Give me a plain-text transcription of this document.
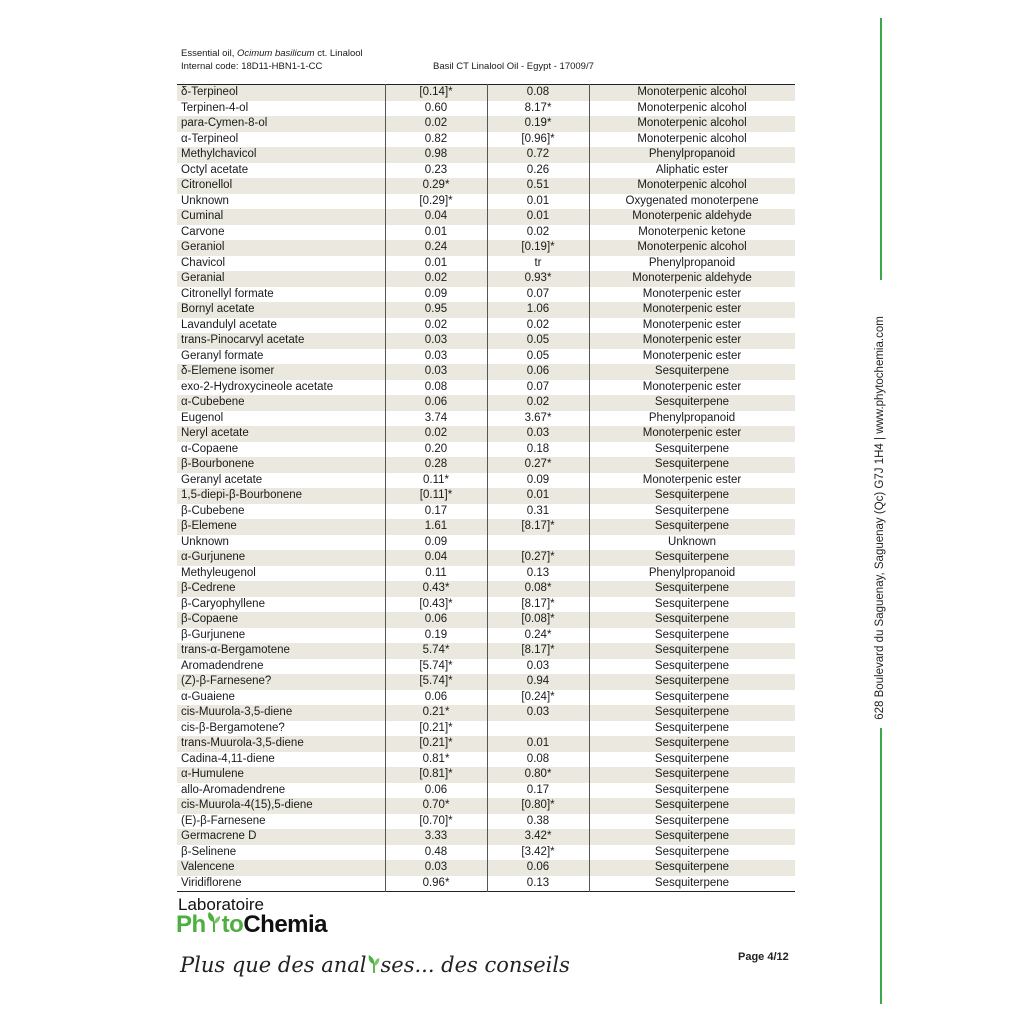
Essential oil, Ocimum basilicum ct. Linalool
Internal code: 18D11-HBN1-1-CC	Basil CT Linalool Oil - Egypt - 17009/7
δ-Terpineol	[0.14]*	0.08	Monoterpenic alcohol
Terpinen-4-ol	0.60	8.17*	Monoterpenic alcohol
para-Cymen-8-ol	0.02	0.19*	Monoterpenic alcohol
α-Terpineol	0.82	[0.96]*	Monoterpenic alcohol
Methylchavicol	0.98	0.72	Phenylpropanoid
Octyl acetate	0.23	0.26	Aliphatic ester
Citronellol	0.29*	0.51	Monoterpenic alcohol
Unknown	[0.29]*	0.01	Oxygenated monoterpene
Cuminal	0.04	0.01	Monoterpenic aldehyde
Carvone	0.01	0.02	Monoterpenic ketone
Geraniol	0.24	[0.19]*	Monoterpenic alcohol
Chavicol	0.01	tr	Phenylpropanoid
Geranial	0.02	0.93*	Monoterpenic aldehyde
Citronellyl formate	0.09	0.07	Monoterpenic ester
Bornyl acetate	0.95	1.06	Monoterpenic ester
Lavandulyl acetate	0.02	0.02	Monoterpenic ester
trans-Pinocarvyl acetate	0.03	0.05	Monoterpenic ester
Geranyl formate	0.03	0.05	Monoterpenic ester
δ-Elemene isomer	0.03	0.06	Sesquiterpene
exo-2-Hydroxycineole acetate	0.08	0.07	Monoterpenic ester
α-Cubebene	0.06	0.02	Sesquiterpene
Eugenol	3.74	3.67*	Phenylpropanoid
Neryl acetate	0.02	0.03	Monoterpenic ester
α-Copaene	0.20	0.18	Sesquiterpene
β-Bourbonene	0.28	0.27*	Sesquiterpene
Geranyl acetate	0.11*	0.09	Monoterpenic ester
1,5-diepi-β-Bourbonene	[0.11]*	0.01	Sesquiterpene
β-Cubebene	0.17	0.31	Sesquiterpene
β-Elemene	1.61	[8.17]*	Sesquiterpene
Unknown	0.09		Unknown
α-Gurjunene	0.04	[0.27]*	Sesquiterpene
Methyleugenol	0.11	0.13	Phenylpropanoid
β-Cedrene	0.43*	0.08*	Sesquiterpene
β-Caryophyllene	[0.43]*	[8.17]*	Sesquiterpene
β-Copaene	0.06	[0.08]*	Sesquiterpene
β-Gurjunene	0.19	0.24*	Sesquiterpene
trans-α-Bergamotene	5.74*	[8.17]*	Sesquiterpene
Aromadendrene	[5.74]*	0.03	Sesquiterpene
(Z)-β-Farnesene?	[5.74]*	0.94	Sesquiterpene
α-Guaiene	0.06	[0.24]*	Sesquiterpene
cis-Muurola-3,5-diene	0.21*	0.03	Sesquiterpene
cis-β-Bergamotene?	[0.21]*		Sesquiterpene
trans-Muurola-3,5-diene	[0.21]*	0.01	Sesquiterpene
Cadina-4,11-diene	0.81*	0.08	Sesquiterpene
α-Humulene	[0.81]*	0.80*	Sesquiterpene
allo-Aromadendrene	0.06	0.17	Sesquiterpene
cis-Muurola-4(15),5-diene	0.70*	[0.80]*	Sesquiterpene
(E)-β-Farnesene	[0.70]*	0.38	Sesquiterpene
Germacrene D	3.33	3.42*	Sesquiterpene
β-Selinene	0.48	[3.42]*	Sesquiterpene
Valencene	0.03	0.06	Sesquiterpene
Viridiflorene	0.96*	0.13	Sesquiterpene
Laboratoire
Ph toChemia
Plus que des anal ses... des conseils	Page 4/12
628 Boulevard du Saguenay, Saguenay (Qc) G7J 1H4 | www.phytochemia.com
